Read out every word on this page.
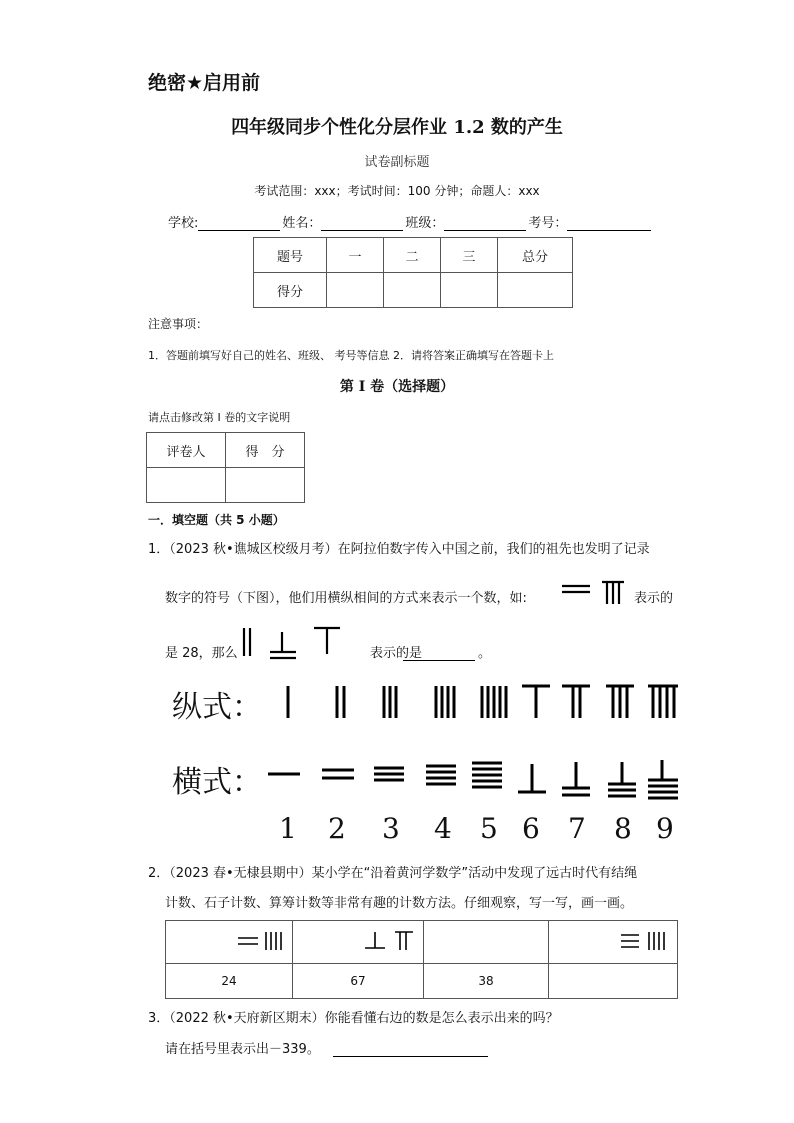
绝密★启用前
四年级同步个性化分层作业 1.2 数的产生
试卷副标题
考试范围：xxx；考试时间：100 分钟；命题人：xxx
学校:	姓名：	班级：	考号：
题号	一	二	三	总分
得分				
注意事项：
1．答题前填写好自己的姓名、班级、 考号等信息 2．请将答案正确填写在答题卡上
第 I 卷（选择题）
请点击修改第 I 卷的文字说明
评卷人	得　分

一．填空题（共 5 小题）
1．（2023 秋•谯城区校级月考）在阿拉伯数字传入中国之前，我们的祖先也发明了记录
数字的符号（下图），他们用横纵相间的方式来表示一个数，如:	表示的
是 28，那么	表示的是	。
纵式：
横式：
1 2 3 4 5 6 7 8 9
2．（2023 春•无棣县期中）某小学在“沿着黄河学数学”活动中发现了远古时代有结绳
计数、石子计数、算筹计数等非常有趣的计数方法。仔细观察，写一写，画一画。

24	67	38	
3．（2022 秋•天府新区期末）你能看懂右边的数是怎么表示出来的吗？
请在括号里表示出－339。
